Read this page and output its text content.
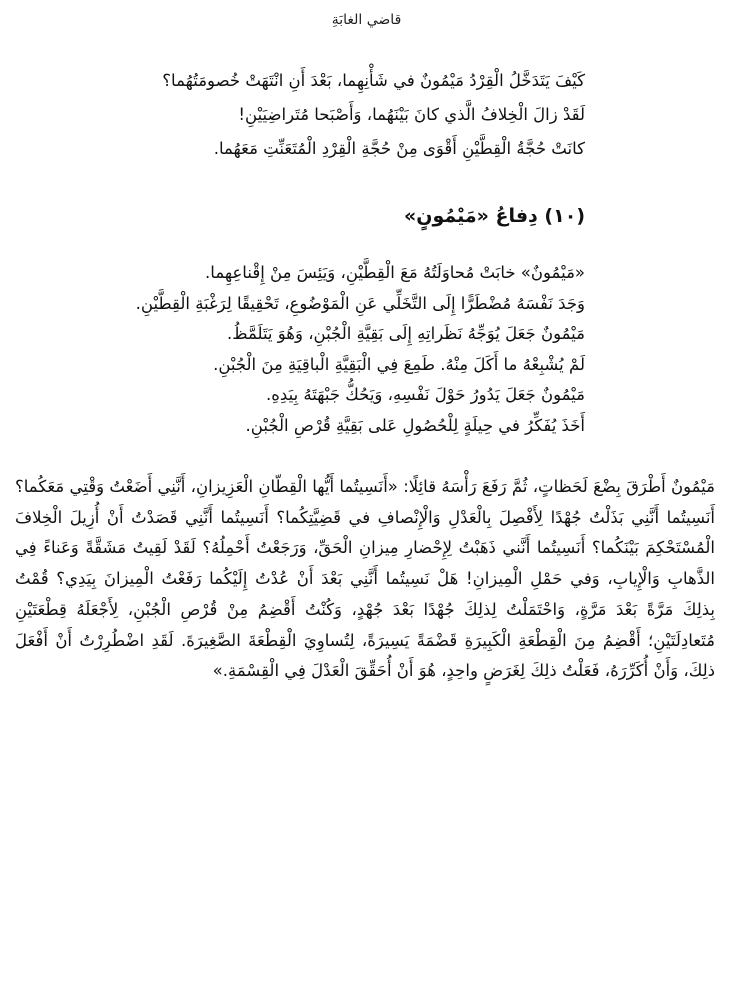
قاضي الغابَةِ
كَيْفَ يَتَدَخَّلُ الْقِرْدُ مَيْمُونٌ في شَأْنِهِما، بَعْدَ أَنِ انْتَهَتْ خُصومَتُهُما؟
لَقَدْ زالَ الْخِلافُ الَّذي كانَ بَيْنَهُما، وَأَصْبَحا مُتَراضِيَيْنِ!
كانَتْ حُجَّةُ الْقِطَّيْنِ أَقْوَى مِنْ حُجَّةِ الْقِرْدِ الْمُتَعَنِّتِ مَعَهُما.
(١٠) دِفاعُ «مَيْمُونٍ»
«مَيْمُونٌ» خابَتْ مُحاوَلَتُهُ مَعَ الْقِطَّيْنِ، وَيَئِسَ مِنْ إِقْناعِهِما.
وَجَدَ نَفْسَهُ مُضْطَرًّا إِلَى التَّخَلِّي عَنِ الْمَوْضُوعِ، تَحْقِيقًا لِرَغْبَةِ الْقِطَّيْنِ.
مَيْمُونٌ جَعَلَ يُوَجِّهُ نَظَراتِهِ إِلَى بَقِيَّةِ الْجُبْنِ، وَهُوَ يَتَلَمَّظُ.
لَمْ يُشْبِعْهُ ما أَكَلَ مِنْهُ. طَمِعَ فِي الْبَقِيَّةِ الْباقِيَةِ مِنَ الْجُبْنِ.
مَيْمُونٌ جَعَلَ يَدُورُ حَوْلَ نَفْسِهِ، وَيَحُكُّ جَبْهَتَهُ بِيَدِهِ.
أَخَذَ يُفَكِّرُ في حِيلَةٍ لِلْحُصُولِ عَلى بَقِيَّةِ قُرْصِ الْجُبْنِ.

مَيْمُونٌ أَطْرَقَ بِضْعَ لَحَظاتٍ، ثُمَّ رَفَعَ رَأْسَهُ قائِلًا: «أَنَسِيتُما أَيُّها الْقِطّانِ الْعَزِيزانِ، أَنَّنِي أَضَعْتُ وَقْتِي مَعَكُما؟ أَنَسِيتُما أَنَّنِي بَذَلْتُ جُهْدًا لِأَفْصِلَ بِالْعَدْلِ وَالْإِنْصافِ في قَضِيَّتِكُما؟ أَنَسِيتُما أَنَّنِي قَصَدْتُ أَنْ أُزِيلَ الْخِلافَ الْمُسْتَحْكِمَ بَيْنَكُما؟ أَنَسِيتُما أَنَّني ذَهَبْتُ لِإِحْضارِ مِيزانِ الْحَقِّ، وَرَجَعْتُ أَحْمِلُهُ؟ لَقَدْ لَقِيتُ مَشَقَّةً وَعَناءً فِي الذَّهابِ وَالْإِيابِ، وَفي حَمْلِ الْمِيزانِ! هَلْ نَسِيتُما أَنَّنِي بَعْدَ أَنْ عُدْتُ إِلَيْكُما رَفَعْتُ الْمِيزانَ بِيَدِي؟ قُمْتُ بِذلِكَ مَرَّةً بَعْدَ مَرَّةٍ، وَاحْتَمَلْتُ لِذلِكَ جُهْدًا بَعْدَ جُهْدٍ، وَكُنْتُ أَقْضِمُ مِنْ قُرْصِ الْجُبْنِ، لِأَجْعَلَهُ قِطْعَتَيْنِ مُتَعادِلَتَيْنِ؛ أَقْضِمُ مِنَ الْقِطْعَةِ الْكَبِيرَةِ قَضْمَةً يَسِيرَةً، لِتُساوِيَ الْقِطْعَةَ الصَّغِيرَةَ. لَقَدِ اضْطُرِرْتُ أَنْ أَفْعَلَ ذلِكَ، وَأَنْ أُكَرِّرَهُ، فَعَلْتُ ذلِكَ لِغَرَضٍ واحِدٍ، هُوَ أَنْ أُحَقِّقَ الْعَدْلَ فِي الْقِسْمَةِ.»
